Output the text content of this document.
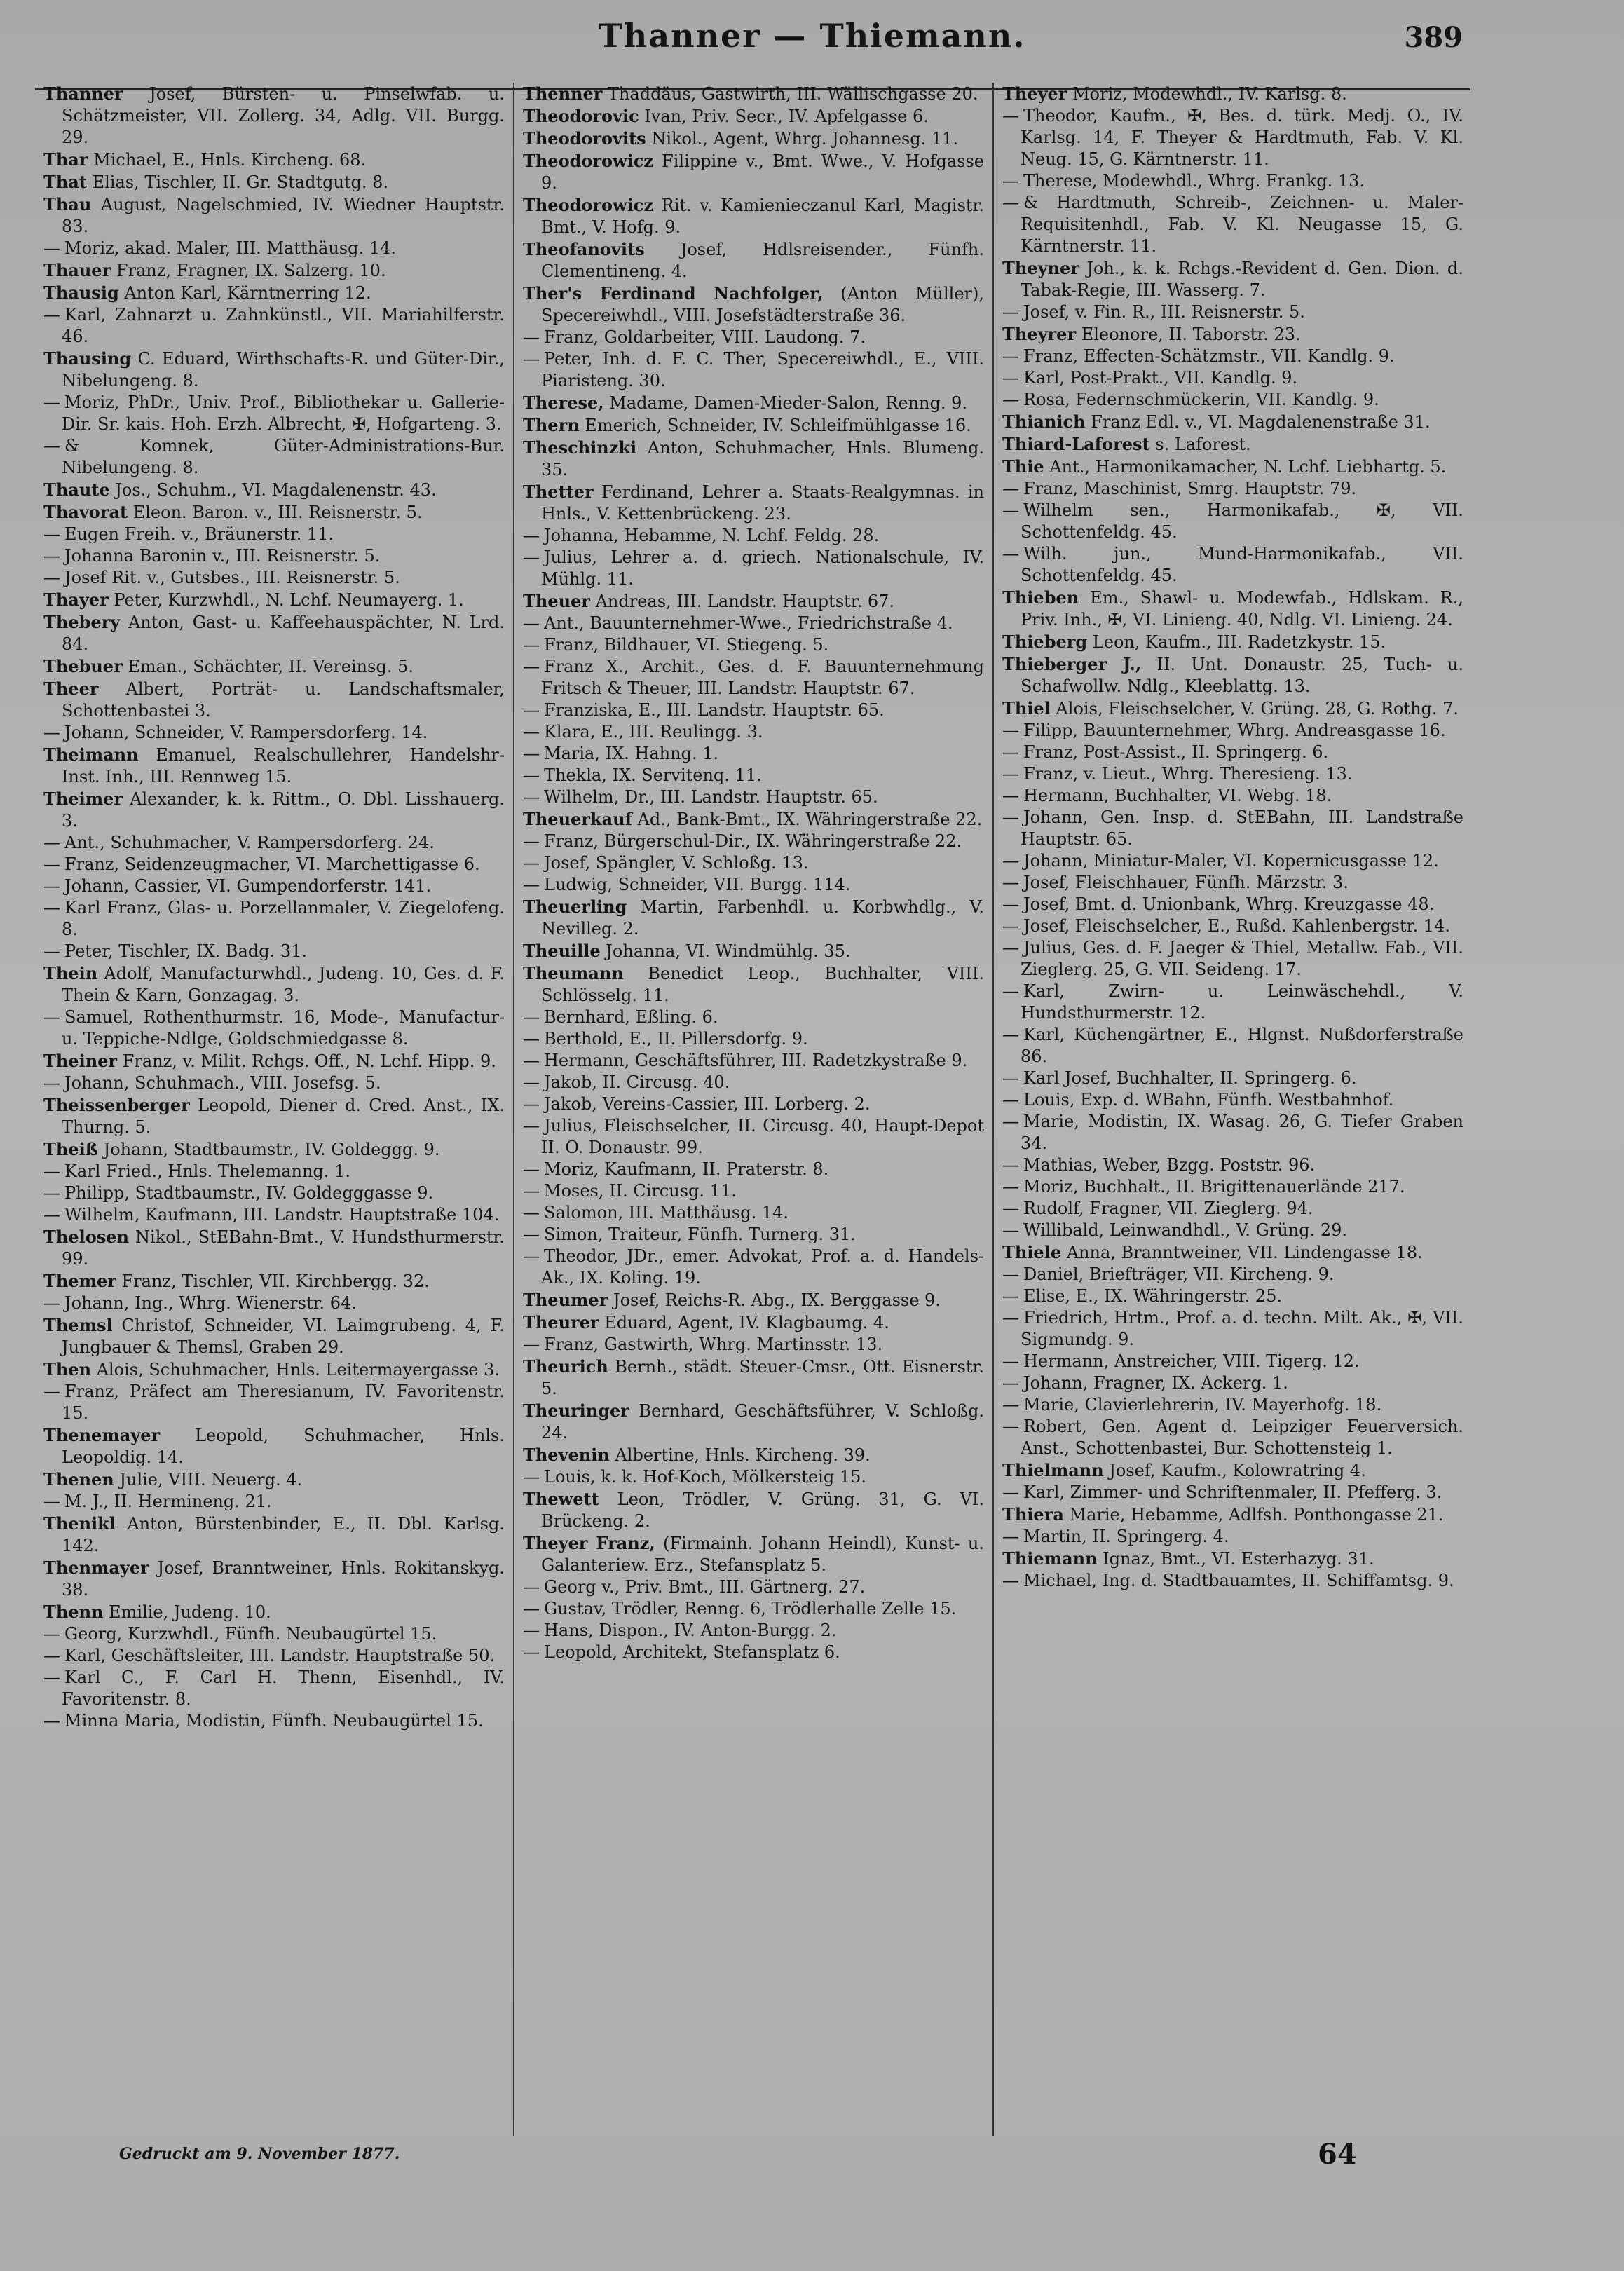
Thanner — Thiemann.	389

Thanner Josef, Bürsten- u. Pinselwfab. u. Schätzmeister, VII. Zollerg. 34, Adlg. VII. Burgg. 29.

Thar Michael, E., Hnls. Kircheng. 68.

That Elias, Tischler, II. Gr. Stadtgutg. 8.

Thau August, Nagelschmied, IV. Wiedner Hauptstr. 83.

— Moriz, akad. Maler, III. Matthäusg. 14.

Thauer Franz, Fragner, IX. Salzerg. 10.

Thausig Anton Karl, Kärntnerring 12.

— Karl, Zahnarzt u. Zahnkünstl., VII. Mariahilferstr. 46.

Thausing C. Eduard, Wirthschafts-R. und Güter-Dir., Nibelungeng. 8.

— Moriz, PhDr., Univ. Prof., Bibliothekar u. Gallerie-Dir. Sr. kais. Hoh. Erzh. Albrecht, ✠, Hofgarteng. 3.

— & Komnek, Güter-Administrations-Bur. Nibelungeng. 8.

Thaute Jos., Schuhm., VI. Magdalenenstr. 43.

Thavorat Eleon. Baron. v., III. Reisnerstr. 5.

— Eugen Freih. v., Bräunerstr. 11.

— Johanna Baronin v., III. Reisnerstr. 5.

— Josef Rit. v., Gutsbes., III. Reisnerstr. 5.

Thayer Peter, Kurzwhdl., N. Lchf. Neumayerg. 1.

Thebery Anton, Gast- u. Kaffeehauspächter, N. Lrd. 84.

Thebuer Eman., Schächter, II. Vereinsg. 5.

Theer Albert, Porträt- u. Landschaftsmaler, Schottenbastei 3.

— Johann, Schneider, V. Rampersdorferg. 14.

Theimann Emanuel, Realschullehrer, Handelshr-Inst. Inh., III. Rennweg 15.

Theimer Alexander, k. k. Rittm., O. Dbl. Lisshauerg. 3.

— Ant., Schuhmacher, V. Rampersdorferg. 24.

— Franz, Seidenzeugmacher, VI. Marchettigasse 6.

— Johann, Cassier, VI. Gumpendorferstr. 141.

— Karl Franz, Glas- u. Porzellanmaler, V. Ziegelofeng. 8.

— Peter, Tischler, IX. Badg. 31.

Thein Adolf, Manufacturwhdl., Judeng. 10, Ges. d. F. Thein & Karn, Gonzagag. 3.

— Samuel, Rothenthurmstr. 16, Mode-, Manufactur- u. Teppiche-Ndlge, Goldschmiedgasse 8.

Theiner Franz, v. Milit. Rchgs. Off., N. Lchf. Hipp. 9.

— Johann, Schuhmach., VIII. Josefsg. 5.

Theissenberger Leopold, Diener d. Cred. Anst., IX. Thurng. 5.

Theiß Johann, Stadtbaumstr., IV. Goldeggg. 9.

— Karl Fried., Hnls. Thelemanng. 1.

— Philipp, Stadtbaumstr., IV. Goldegggasse 9.

— Wilhelm, Kaufmann, III. Landstr. Hauptstraße 104.

Thelosen Nikol., StEBahn-Bmt., V. Hundsthurmerstr. 99.

Themer Franz, Tischler, VII. Kirchbergg. 32.

— Johann, Ing., Whrg. Wienerstr. 64.

Themsl Christof, Schneider, VI. Laimgrubeng. 4, F. Jungbauer & Themsl, Graben 29.

Then Alois, Schuhmacher, Hnls. Leitermayergasse 3.

— Franz, Präfect am Theresianum, IV. Favoritenstr. 15.

Thenemayer Leopold, Schuhmacher, Hnls. Leopoldig. 14.

Thenen Julie, VIII. Neuerg. 4.

— M. J., II. Hermineng. 21.

Thenikl Anton, Bürstenbinder, E., II. Dbl. Karlsg. 142.

Thenmayer Josef, Branntweiner, Hnls. Rokitanskyg. 38.

Thenn Emilie, Judeng. 10.

— Georg, Kurzwhdl., Fünfh. Neubaugürtel 15.

— Karl, Geschäftsleiter, III. Landstr. Hauptstraße 50.

— Karl C., F. Carl H. Thenn, Eisenhdl., IV. Favoritenstr. 8.

— Minna Maria, Modistin, Fünfh. Neubaugürtel 15.

Thenner Thaddäus, Gastwirth, III. Wällischgasse 20.

Theodorovic Ivan, Priv. Secr., IV. Apfelgasse 6.

Theodorovits Nikol., Agent, Whrg. Johannesg. 11.

Theodorowicz Filippine v., Bmt. Wwe., V. Hofgasse 9.

Theodorowicz Rit. v. Kamienieczanul Karl, Magistr. Bmt., V. Hofg. 9.

Theofanovits Josef, Hdlsreisender., Fünfh. Clementineng. 4.

Ther's Ferdinand Nachfolger, (Anton Müller), Specereiwhdl., VIII. Josefstädterstraße 36.

— Franz, Goldarbeiter, VIII. Laudong. 7.

— Peter, Inh. d. F. C. Ther, Specereiwhdl., E., VIII. Piaristeng. 30.

Therese, Madame, Damen-Mieder-Salon, Renng. 9.

Thern Emerich, Schneider, IV. Schleifmühlgasse 16.

Theschinzki Anton, Schuhmacher, Hnls. Blumeng. 35.

Thetter Ferdinand, Lehrer a. Staats-Realgymnas. in Hnls., V. Kettenbrückeng. 23.

— Johanna, Hebamme, N. Lchf. Feldg. 28.

— Julius, Lehrer a. d. griech. Nationalschule, IV. Mühlg. 11.

Theuer Andreas, III. Landstr. Hauptstr. 67.

— Ant., Bauunternehmer-Wwe., Friedrichstraße 4.

— Franz, Bildhauer, VI. Stiegeng. 5.

— Franz X., Archit., Ges. d. F. Bauunternehmung Fritsch & Theuer, III. Landstr. Hauptstr. 67.

— Franziska, E., III. Landstr. Hauptstr. 65.

— Klara, E., III. Reulingg. 3.

— Maria, IX. Hahng. 1.

— Thekla, IX. Servitenq. 11.

— Wilhelm, Dr., III. Landstr. Hauptstr. 65.

Theuerkauf Ad., Bank-Bmt., IX. Währingerstraße 22.

— Franz, Bürgerschul-Dir., IX. Währingerstraße 22.

— Josef, Spängler, V. Schloßg. 13.

— Ludwig, Schneider, VII. Burgg. 114.

Theuerling Martin, Farbenhdl. u. Korbwhdlg., V. Nevilleg. 2.

Theuille Johanna, VI. Windmühlg. 35.

Theumann Benedict Leop., Buchhalter, VIII. Schlösselg. 11.

— Bernhard, Eßling. 6.

— Berthold, E., II. Pillersdorfg. 9.

— Hermann, Geschäftsführer, III. Radetzkystraße 9.

— Jakob, II. Circusg. 40.

— Jakob, Vereins-Cassier, III. Lorberg. 2.

— Julius, Fleischselcher, II. Circusg. 40, Haupt-Depot II. O. Donaustr. 99.

— Moriz, Kaufmann, II. Praterstr. 8.

— Moses, II. Circusg. 11.

— Salomon, III. Matthäusg. 14.

— Simon, Traiteur, Fünfh. Turnerg. 31.

— Theodor, JDr., emer. Advokat, Prof. a. d. Handels-Ak., IX. Koling. 19.

Theumer Josef, Reichs-R. Abg., IX. Berggasse 9.

Theurer Eduard, Agent, IV. Klagbaumg. 4.

— Franz, Gastwirth, Whrg. Martinsstr. 13.

Theurich Bernh., städt. Steuer-Cmsr., Ott. Eisnerstr. 5.

Theuringer Bernhard, Geschäftsführer, V. Schloßg. 24.

Thevenin Albertine, Hnls. Kircheng. 39.

— Louis, k. k. Hof-Koch, Mölkersteig 15.

Thewett Leon, Trödler, V. Grüng. 31, G. VI. Brückeng. 2.

Theyer Franz, (Firmainh. Johann Heindl), Kunst- u. Galanteriew. Erz., Stefansplatz 5.

— Georg v., Priv. Bmt., III. Gärtnerg. 27.

— Gustav, Trödler, Renng. 6, Trödlerhalle Zelle 15.

— Hans, Dispon., IV. Anton-Burgg. 2.

— Leopold, Architekt, Stefansplatz 6.

Theyer Moriz, Modewhdl., IV. Karlsg. 8.

— Theodor, Kaufm., ✠, Bes. d. türk. Medj. O., IV. Karlsg. 14, F. Theyer & Hardtmuth, Fab. V. Kl. Neug. 15, G. Kärntnerstr. 11.

— Therese, Modewhdl., Whrg. Frankg. 13.

— & Hardtmuth, Schreib-, Zeichnen- u. Maler-Requisitenhdl., Fab. V. Kl. Neugasse 15, G. Kärntnerstr. 11.

Theyner Joh., k. k. Rchgs.-Revident d. Gen. Dion. d. Tabak-Regie, III. Wasserg. 7.

— Josef, v. Fin. R., III. Reisnerstr. 5.

Theyrer Eleonore, II. Taborstr. 23.

— Franz, Effecten-Schätzmstr., VII. Kandlg. 9.

— Karl, Post-Prakt., VII. Kandlg. 9.

— Rosa, Federnschmückerin, VII. Kandlg. 9.

Thianich Franz Edl. v., VI. Magdalenenstraße 31.

Thiard-Laforest s. Laforest.

Thie Ant., Harmonikamacher, N. Lchf. Liebhartg. 5.

— Franz, Maschinist, Smrg. Hauptstr. 79.

— Wilhelm sen., Harmonikafab., ✠, VII. Schottenfeldg. 45.

— Wilh. jun., Mund-Harmonikafab., VII. Schottenfeldg. 45.

Thieben Em., Shawl- u. Modewfab., Hdlskam. R., Priv. Inh., ✠, VI. Linieng. 40, Ndlg. VI. Linieng. 24.

Thieberg Leon, Kaufm., III. Radetzkystr. 15.

Thieberger J., II. Unt. Donaustr. 25, Tuch- u. Schafwollw. Ndlg., Kleeblattg. 13.

Thiel Alois, Fleischselcher, V. Grüng. 28, G. Rothg. 7.

— Filipp, Bauunternehmer, Whrg. Andreasgasse 16.

— Franz, Post-Assist., II. Springerg. 6.

— Franz, v. Lieut., Whrg. Theresieng. 13.

— Hermann, Buchhalter, VI. Webg. 18.

— Johann, Gen. Insp. d. StEBahn, III. Landstraße Hauptstr. 65.

— Johann, Miniatur-Maler, VI. Kopernicusgasse 12.

— Josef, Fleischhauer, Fünfh. Märzstr. 3.

— Josef, Bmt. d. Unionbank, Whrg. Kreuzgasse 48.

— Josef, Fleischselcher, E., Rußd. Kahlenbergstr. 14.

— Julius, Ges. d. F. Jaeger & Thiel, Metallw. Fab., VII. Zieglerg. 25, G. VII. Seideng. 17.

— Karl, Zwirn- u. Leinwäschehdl., V. Hundsthurmerstr. 12.

— Karl, Küchengärtner, E., Hlgnst. Nußdorferstraße 86.

— Karl Josef, Buchhalter, II. Springerg. 6.

— Louis, Exp. d. WBahn, Fünfh. Westbahnhof.

— Marie, Modistin, IX. Wasag. 26, G. Tiefer Graben 34.

— Mathias, Weber, Bzgg. Poststr. 96.

— Moriz, Buchhalt., II. Brigittenauerlände 217.

— Rudolf, Fragner, VII. Zieglerg. 94.

— Willibald, Leinwandhdl., V. Grüng. 29.

Thiele Anna, Branntweiner, VII. Lindengasse 18.

— Daniel, Briefträger, VII. Kircheng. 9.

— Elise, E., IX. Währingerstr. 25.

— Friedrich, Hrtm., Prof. a. d. techn. Milt. Ak., ✠, VII. Sigmundg. 9.

— Hermann, Anstreicher, VIII. Tigerg. 12.

— Johann, Fragner, IX. Ackerg. 1.

— Marie, Clavierlehrerin, IV. Mayerhofg. 18.

— Robert, Gen. Agent d. Leipziger Feuerversich. Anst., Schottenbastei, Bur. Schottensteig 1.

Thielmann Josef, Kaufm., Kolowratring 4.

— Karl, Zimmer- und Schriftenmaler, II. Pfefferg. 3.

Thiera Marie, Hebamme, Adlfsh. Ponthongasse 21.

— Martin, II. Springerg. 4.

Thiemann Ignaz, Bmt., VI. Esterhazyg. 31.

— Michael, Ing. d. Stadtbauamtes, II. Schiffamtsg. 9.

Gedruckt am 9. November 1877.	64
